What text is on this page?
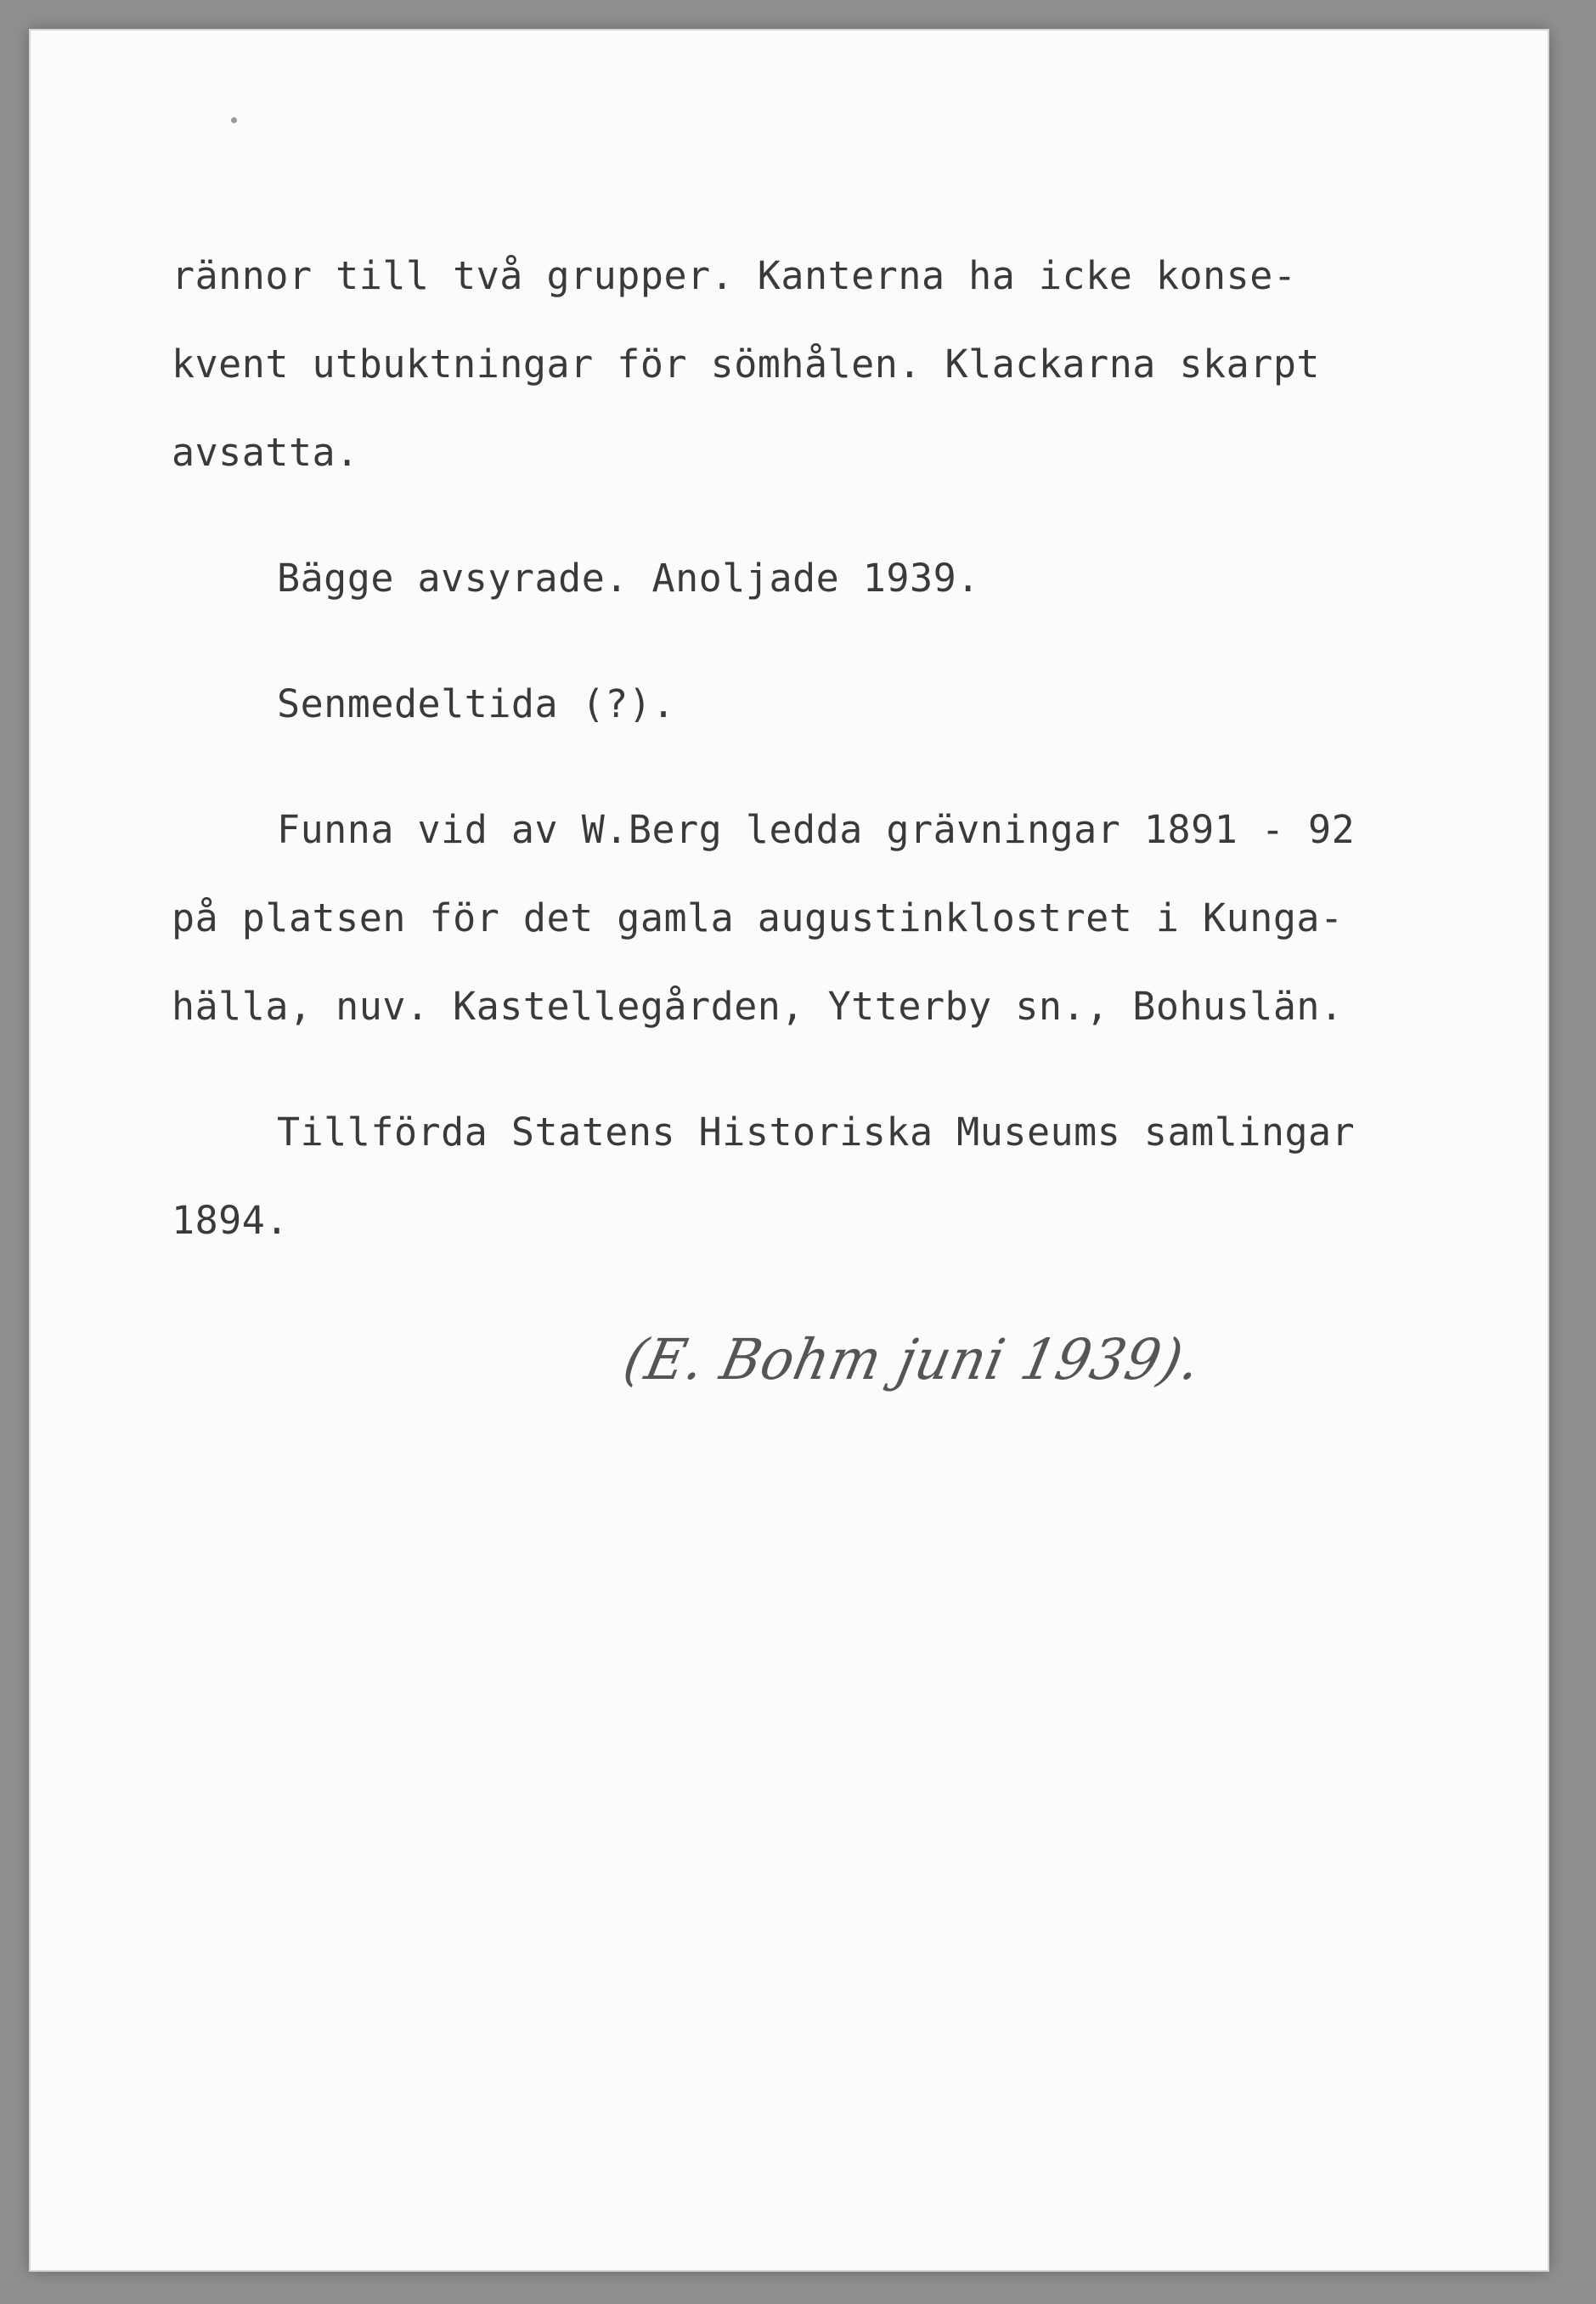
rännor till två grupper. Kanterna ha icke konse-

kvent utbuktningar för sömhålen. Klackarna skarpt

avsatta.

Bägge avsyrade. Anoljade 1939.

Senmedeltida (?).

Funna vid av W.Berg ledda grävningar 1891 - 92

på platsen för det gamla augustinklostret i Kunga-

hälla, nuv. Kastellegården, Ytterby sn., Bohuslän.

Tillförda Statens Historiska Museums samlingar

1894.

(E. Bohm juni 1939).
